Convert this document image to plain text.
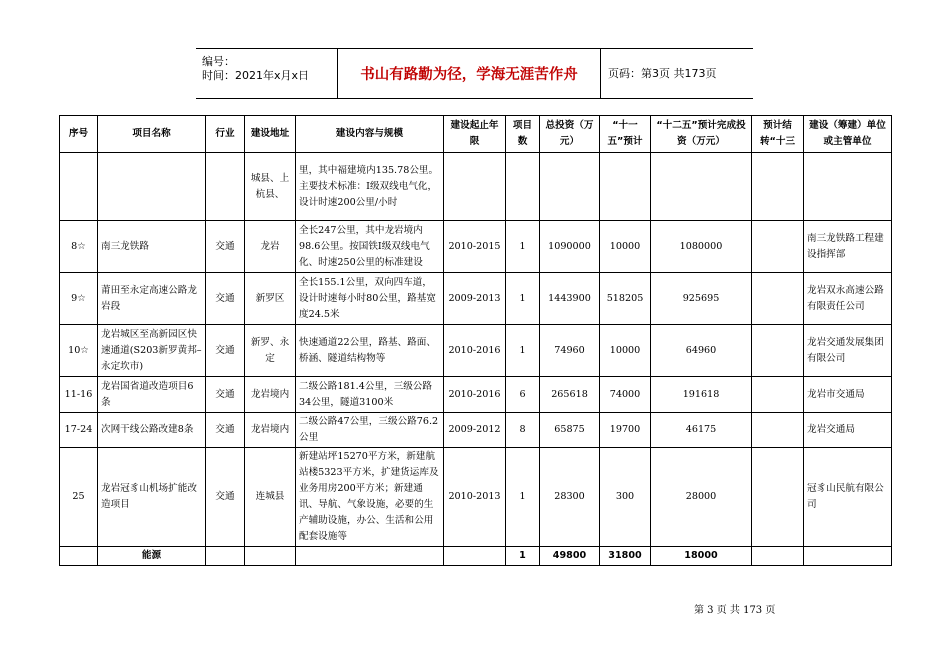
编号：
时间：2021年x月x日	书山有路勤为径，学海无涯苦作舟	页码：第3页 共173页
序号	项目名称	行业	建设地址	建设内容与规模	建设起止年限	项目数	总投资（万元）	“十一五”预计	“十二五”预计完成投资（万元）	预计结转“十三	建设（筹建）单位或主管单位
			城县、上杭县、	里，其中福建境内135.78公里。主要技术标准：Ⅰ级双线电气化，设计时速200公里/小时							
8☆	南三龙铁路	交通	龙岩	全长247公里，其中龙岩境内98.6公里。按国铁Ⅰ级双线电气化、时速250公里的标准建设	2010-2015	1	1090000	10000	1080000		南三龙铁路工程建设指挥部
9☆	莆田至永定高速公路龙岩段	交通	新罗区	全长155.1公里，双向四车道，设计时速每小时80公里，路基宽度24.5米	2009-2013	1	1443900	518205	925695		龙岩双永高速公路有限责任公司
10☆	龙岩城区至高新园区快速通道(S203新罗黄邦–永定坎市)	交通	新罗、永定	快速通道22公里，路基、路面、桥涵、隧道结构物等	2010-2016	1	74960	10000	64960		龙岩交通发展集团有限公司
11-16	龙岩国省道改造项目6条	交通	龙岩境内	二级公路181.4公里，三级公路34公里，隧道3100米	2010-2016	6	265618	74000	191618		龙岩市交通局
17-24	次网干线公路改建8条	交通	龙岩境内	二级公路47公里，三级公路76.2公里	2009-2012	8	65875	19700	46175		龙岩交通局
25	龙岩冠豸山机场扩能改造项目	交通	连城县	新建站坪15270平方米，新建航站楼5323平方米，扩建货运库及业务用房200平方米；新建通讯、导航、气象设施，必要的生产辅助设施，办公、生活和公用配套设施等	2010-2013	1	28300	300	28000		冠豸山民航有限公司
	能源					1	49800	31800	18000		
第 3 页 共 173 页
